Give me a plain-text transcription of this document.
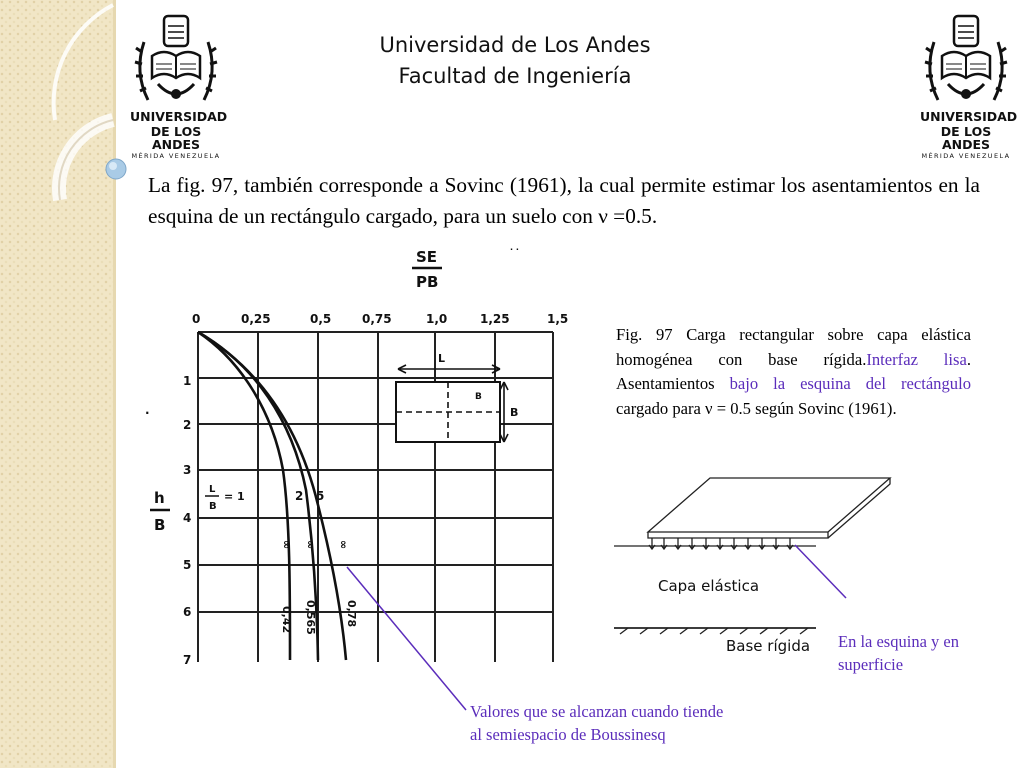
UNIVERSIDAD
DE LOS ANDES
MÉRIDA VENEZUELA
UNIVERSIDAD
DE LOS ANDES
MÉRIDA VENEZUELA
Universidad de Los Andes
Facultad de Ingeniería
La fig. 97, también corresponde a Sovinc (1961), la cual permite estimar los asentamientos en la esquina de un rectángulo cargado, para un suelo con ν =0.5.
SE
PB
. .
0	0,25	0,5	0,75	1,0	1,25	1,5
1
2
3
4
5
6
7
h
B
.
L
B
B
L
B
= 1	2 5
∞ ∞ ∞
0,42 0,565	0,78
Capa elástica
Base rígida
Fig. 97 Carga rectangular sobre capa elástica homogénea con base rígida.Interfaz lisa. Asentamientos bajo la esquina del rectángulo cargado para ν = 0.5 según Sovinc (1961).
En la esquina y en superficie
Valores que se alcanzan cuando tiende al semiespacio de Boussinesq
